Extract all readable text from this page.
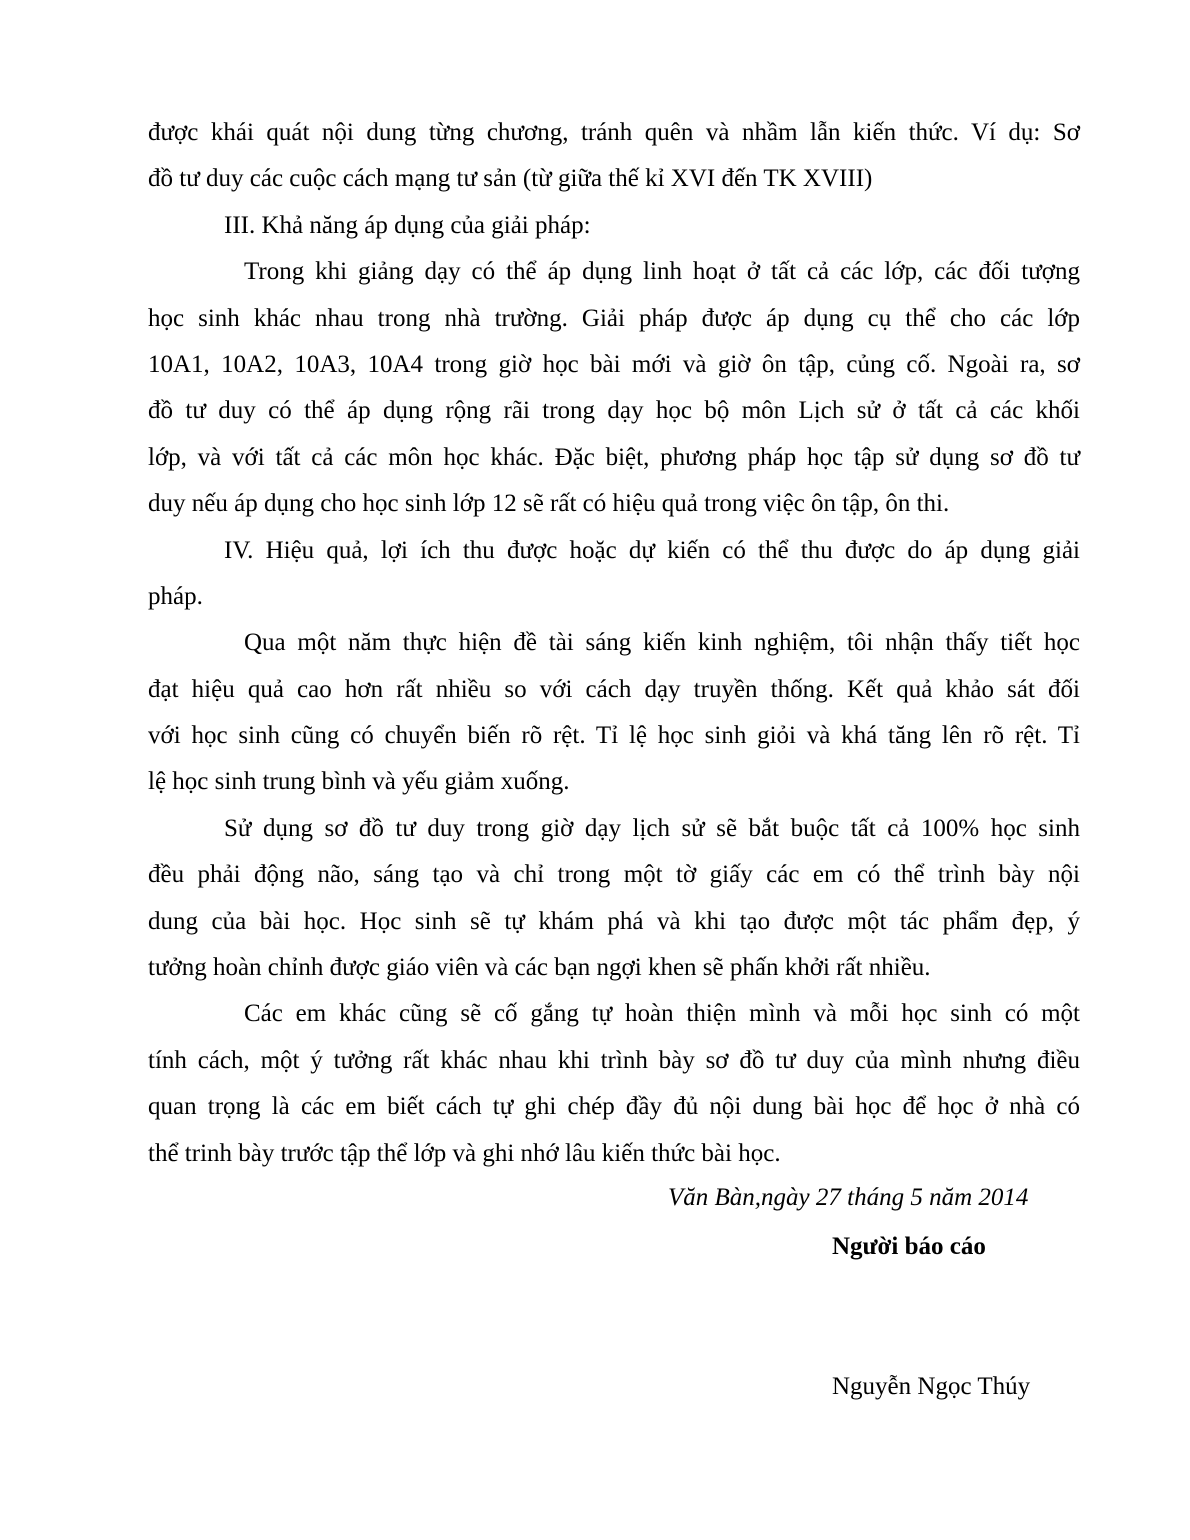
được khái quát nội dung từng chương, tránh quên và nhầm lẫn kiến thức. Ví dụ: Sơ
đồ tư duy các cuộc cách mạng tư sản (từ giữa thế kỉ XVI đến TK XVIII)
III. Khả năng áp dụng của giải pháp:
Trong khi giảng dạy có thể áp dụng linh hoạt ở tất cả các lớp, các đối tượng
học sinh khác nhau trong nhà trường. Giải pháp được áp dụng cụ thể cho các lớp
10A1, 10A2, 10A3, 10A4 trong giờ học bài mới và giờ ôn tập, củng cố. Ngoài ra, sơ
đồ tư duy có thể áp dụng rộng rãi trong dạy học bộ môn Lịch sử ở tất cả các khối
lớp, và với tất cả các môn học khác. Đặc biệt, phương pháp học tập sử dụng sơ đồ tư
duy nếu áp dụng cho học sinh lớp 12 sẽ rất có hiệu quả trong việc ôn tập, ôn thi.
IV. Hiệu quả, lợi ích thu được hoặc dự kiến có thể thu được do áp dụng giải
pháp.
Qua một năm thực hiện đề tài sáng kiến kinh nghiệm, tôi nhận thấy tiết học
đạt hiệu quả cao hơn rất nhiều so với cách dạy truyền thống. Kết quả khảo sát đối
với học sinh cũng có chuyển biến rõ rệt. Tỉ lệ học sinh giỏi và khá tăng lên rõ rệt. Tỉ
lệ học sinh trung bình và yếu giảm xuống.
Sử dụng sơ đồ tư duy trong giờ dạy lịch sử sẽ bắt buộc tất cả 100% học sinh
đều phải động não, sáng tạo và chỉ trong một tờ giấy các em có thể trình bày nội
dung của bài học. Học sinh sẽ tự khám phá và khi tạo được một tác phẩm đẹp, ý
tưởng hoàn chỉnh được giáo viên và các bạn ngợi khen sẽ phấn khởi rất nhiều.
Các em khác cũng sẽ cố gắng tự hoàn thiện mình và mỗi học sinh có một
tính cách, một ý tưởng rất khác nhau khi trình bày sơ đồ tư duy của mình nhưng điều
quan trọng là các em biết cách tự ghi chép đầy đủ nội dung bài học để học ở nhà có
thể trinh bày trước tập thể lớp và ghi nhớ lâu kiến thức bài học.
Văn Bàn,ngày 27 tháng 5 năm 2014
Người báo cáo
Nguyễn Ngọc Thúy
